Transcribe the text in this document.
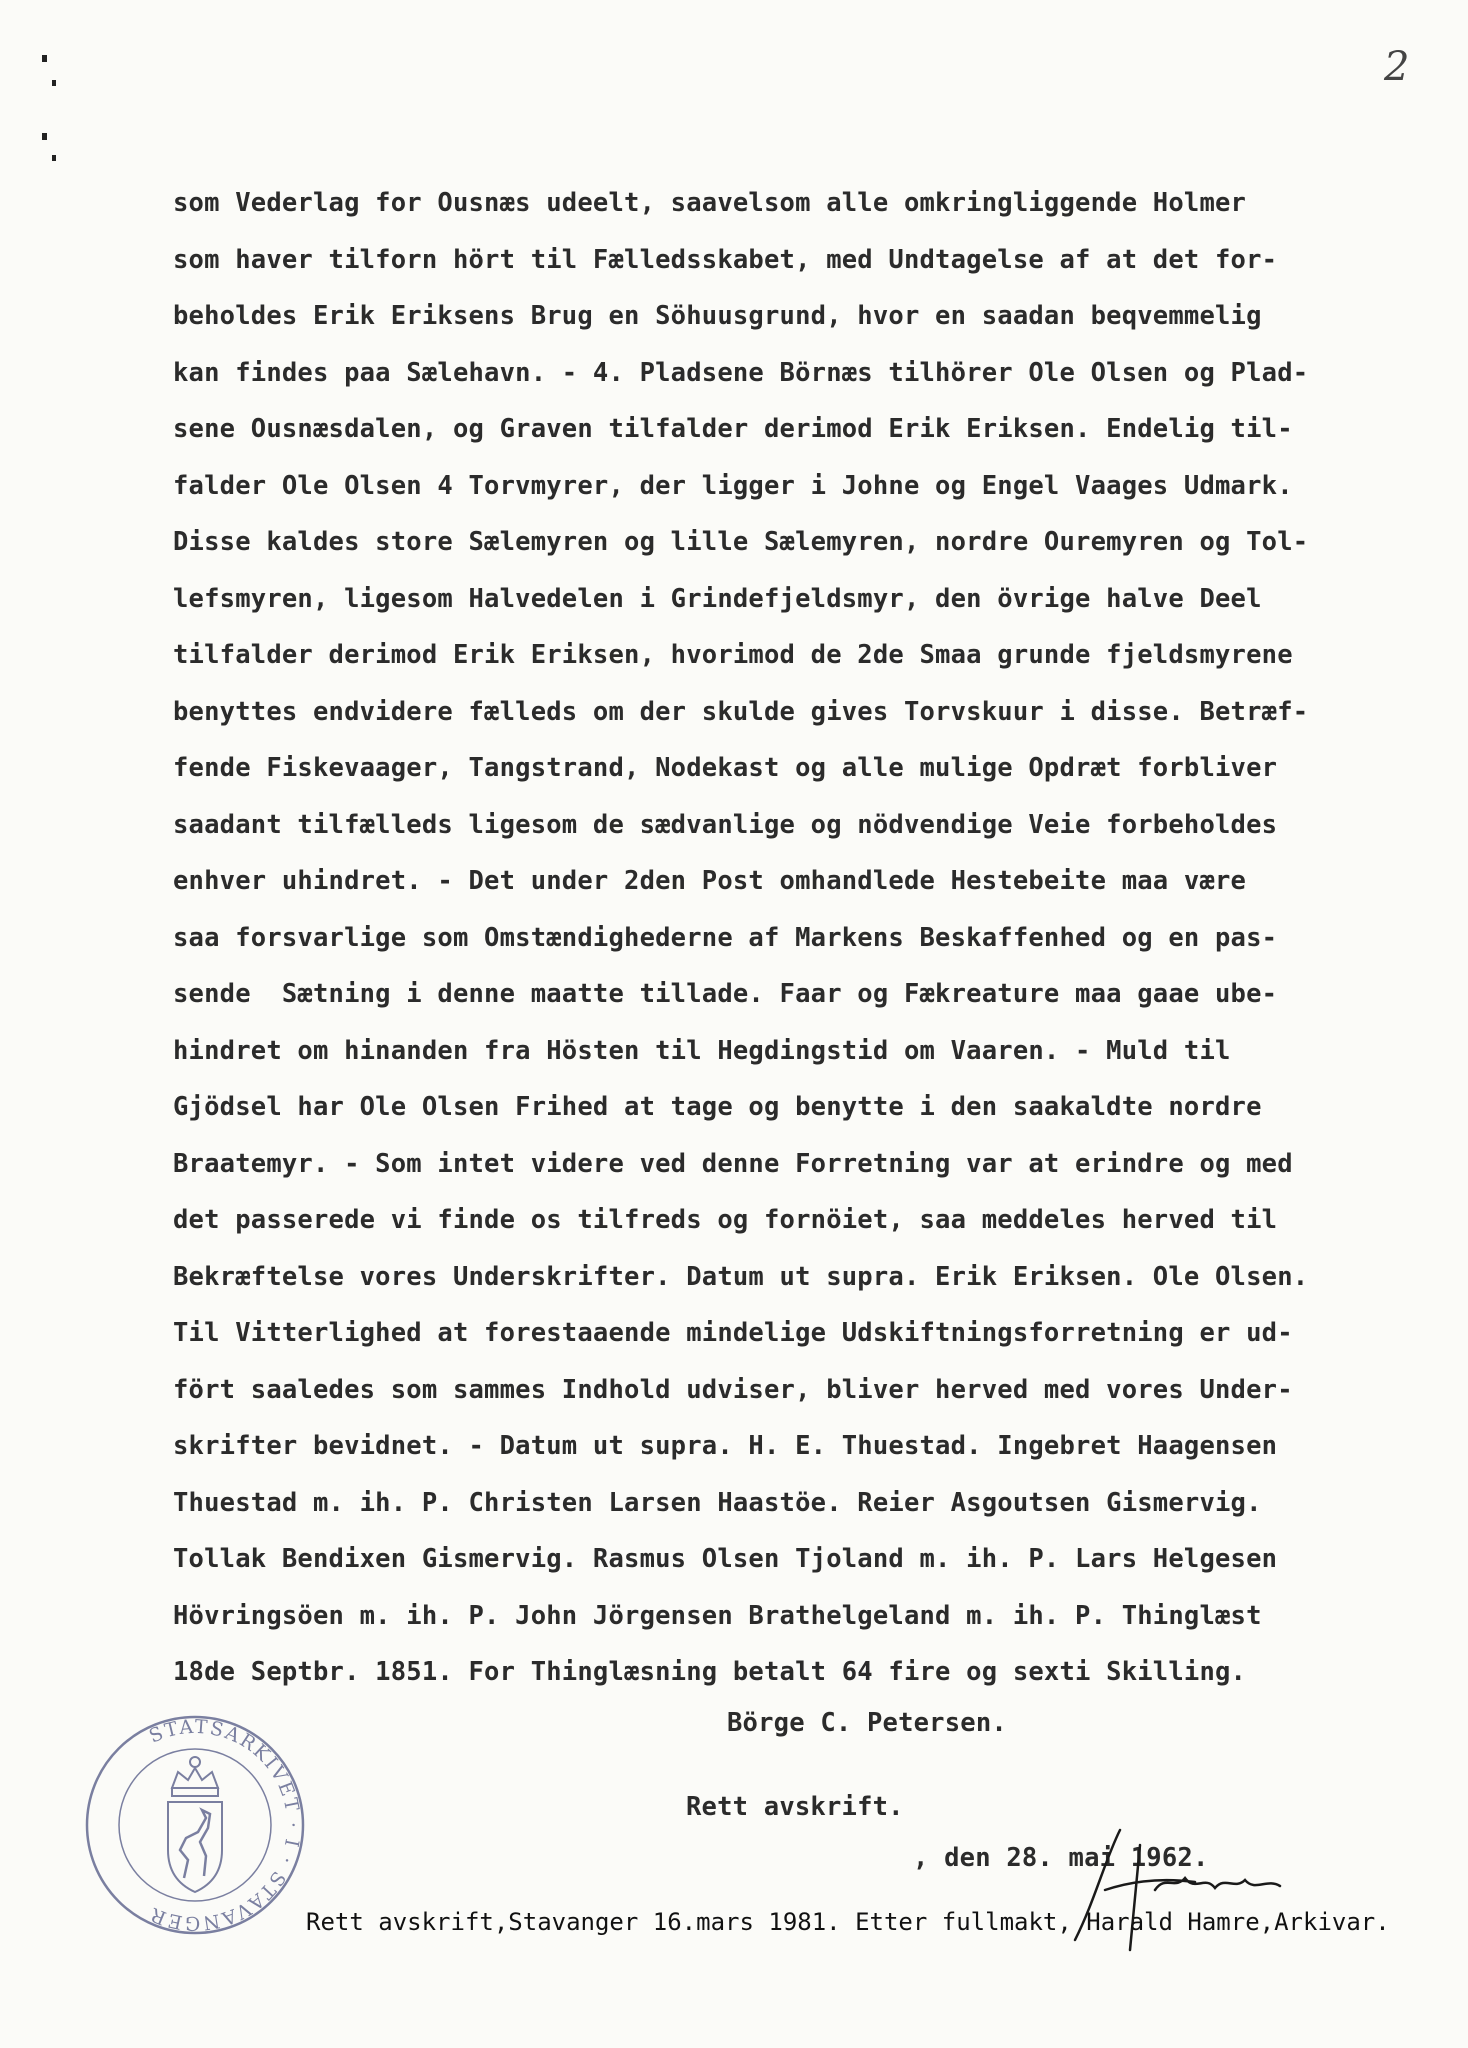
2
som Vederlag for Ousnæs udeelt, saavelsom alle omkringliggende Holmer
som haver tilforn hört til Fælledsskabet, med Undtagelse af at det for-
beholdes Erik Eriksens Brug en Söhuusgrund, hvor en saadan beqvemmelig
kan findes paa Sælehavn. - 4. Pladsene Börnæs tilhörer Ole Olsen og Plad-
sene Ousnæsdalen, og Graven tilfalder derimod Erik Eriksen. Endelig til-
falder Ole Olsen 4 Torvmyrer, der ligger i Johne og Engel Vaages Udmark.
Disse kaldes store Sælemyren og lille Sælemyren, nordre Ouremyren og Tol-
lefsmyren, ligesom Halvedelen i Grindefjeldsmyr, den övrige halve Deel
tilfalder derimod Erik Eriksen, hvorimod de 2de Smaa grunde fjeldsmyrene
benyttes endvidere fælleds om der skulde gives Torvskuur i disse. Betræf-
fende Fiskevaager, Tangstrand, Nodekast og alle mulige Opdræt forbliver
saadant tilfælleds ligesom de sædvanlige og nödvendige Veie forbeholdes
enhver uhindret. - Det under 2den Post omhandlede Hestebeite maa være
saa forsvarlige som Omstændighederne af Markens Beskaffenhed og en pas-
sende  Sætning i denne maatte tillade. Faar og Fækreature maa gaae ube-
hindret om hinanden fra Hösten til Hegdingstid om Vaaren. - Muld til
Gjödsel har Ole Olsen Frihed at tage og benytte i den saakaldte nordre
Braatemyr. - Som intet videre ved denne Forretning var at erindre og med
det passerede vi finde os tilfreds og fornöiet, saa meddeles herved til
Bekræftelse vores Underskrifter. Datum ut supra. Erik Eriksen. Ole Olsen.
Til Vitterlighed at forestaaende mindelige Udskiftningsforretning er ud-
fört saaledes som sammes Indhold udviser, bliver herved med vores Under-
skrifter bevidnet. - Datum ut supra. H. E. Thuestad. Ingebret Haagensen
Thuestad m. ih. P. Christen Larsen Haastöe. Reier Asgoutsen Gismervig.
Tollak Bendixen Gismervig. Rasmus Olsen Tjoland m. ih. P. Lars Helgesen
Hövringsöen m. ih. P. John Jörgensen Brathelgeland m. ih. P. Thinglæst
18de Septbr. 1851. For Thinglæsning betalt 64 fire og sexti Skilling.
Börge C. Petersen.
Rett avskrift.
, den 28. mai 1962.
STATSARKIVET · I · STAVANGER	Rett avskrift,Stavanger 16.mars 1981. Etter fullmakt, Harald Hamre,Arkivar.
